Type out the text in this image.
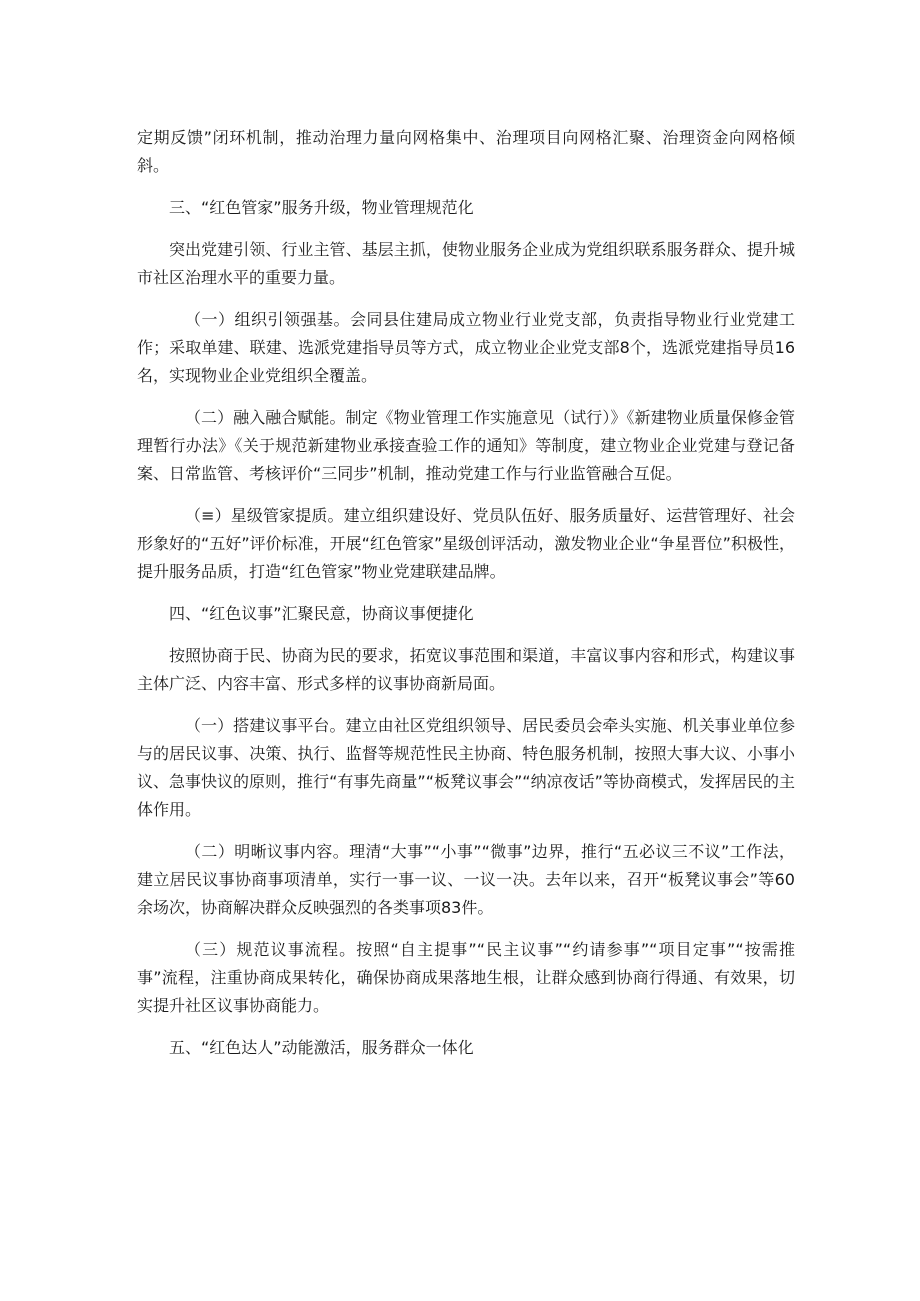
定期反馈”闭环机制，推动治理力量向网格集中、治理项目向网格汇聚、治理资金向网格倾斜。

三、“红色管家”服务升级，物业管理规范化

突出党建引领、行业主管、基层主抓，使物业服务企业成为党组织联系服务群众、提升城市社区治理水平的重要力量。

（一）组织引领强基。会同县住建局成立物业行业党支部，负责指导物业行业党建工作；采取单建、联建、选派党建指导员等方式，成立物业企业党支部8个，选派党建指导员16名，实现物业企业党组织全覆盖。

（二）融入融合赋能。制定《物业管理工作实施意见（试行）》《新建物业质量保修金管理暂行办法》《关于规范新建物业承接查验工作的通知》等制度，建立物业企业党建与登记备案、日常监管、考核评价“三同步”机制，推动党建工作与行业监管融合互促。

（≡）星级管家提质。建立组织建设好、党员队伍好、服务质量好、运营管理好、社会形象好的“五好”评价标准，开展“红色管家”星级创评活动，激发物业企业“争星晋位”积极性，提升服务品质，打造“红色管家”物业党建联建品牌。

四、“红色议事”汇聚民意，协商议事便捷化

按照协商于民、协商为民的要求，拓宽议事范围和渠道，丰富议事内容和形式，构建议事主体广泛、内容丰富、形式多样的议事协商新局面。

（一）搭建议事平台。建立由社区党组织领导、居民委员会牵头实施、机关事业单位参与的居民议事、决策、执行、监督等规范性民主协商、特色服务机制，按照大事大议、小事小议、急事快议的原则，推行“有事先商量”“板凳议事会”“纳凉夜话”等协商模式，发挥居民的主体作用。

（二）明晰议事内容。理清“大事”“小事”“微事”边界，推行“五必议三不议”工作法，建立居民议事协商事项清单，实行一事一议、一议一决。去年以来，召开“板凳议事会”等60余场次，协商解决群众反映强烈的各类事项83件。

（三）规范议事流程。按照“自主提事”“民主议事”“约请参事”“项目定事”“按需推事”流程，注重协商成果转化，确保协商成果落地生根，让群众感到协商行得通、有效果，切实提升社区议事协商能力。

五、“红色达人”动能激活，服务群众一体化
